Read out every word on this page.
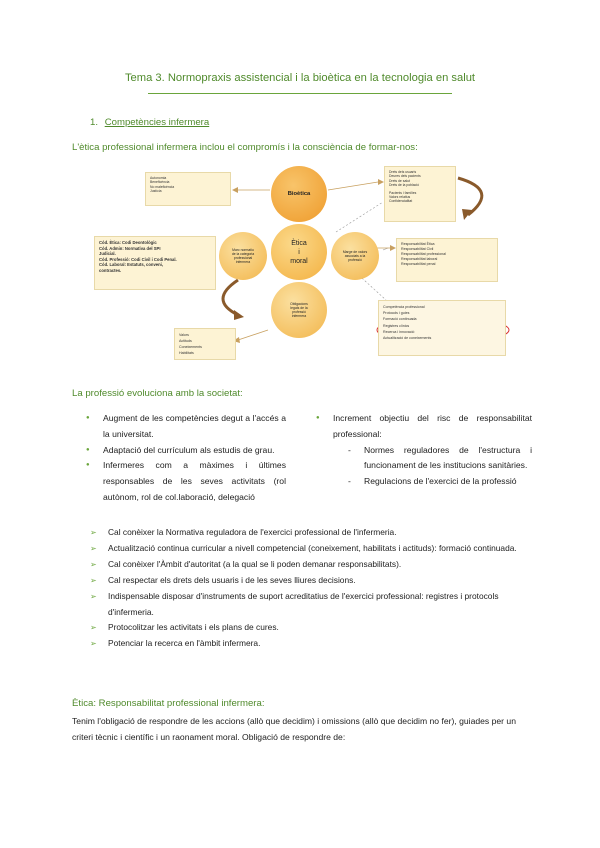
Tema 3. Normopraxis assistencial i la bioètica en la tecnologia en salut
1. Competències infermera
L'ètica professional infermera inclou el compromís i la consciència de formar-nos:
Bioètica
Ètica
i
moral
Marc normatiu
de la categoria
professional
infermera
Marge de valors
associats a la
professió
Obligacions
legals de la
professió
infermera
Autonomia
Beneficència
No maleficència
Justícia
Drets dels usuaris
Deures dels pacients
Drets de salut
Drets de la població
Pacients i famílies
Valors relatius
Confidencialitat
Cód. Ètica: Codi Deontològic
Cód. Admin: Normativa del SPI
Judicial.
Cód. Professió: Codi Civil i Codi Penal.
Cód. Laboral: Estatuts, conveni,
contractes.
Responsabilitat Ètica
Responsabilitat Civil
Responsabilitat professional
Responsabilitat laboral
Responsabilitat penal
Competència professional
Protocols i guies
Formació continuada
Registres clínics
Recerca i innovació
Actualització de coneixements
Valors
Actituds
Coneixements
Habilitats
La professió evoluciona amb la societat:
● Augment de les competències degut a l'accés a la universitat.
● Adaptació del currículum als estudis de grau.
● Infermeres com a màximes i últimes responsables de les seves activitats (rol autònom, rol de col.laboració, delegació
● Increment objectiu del risc de responsabilitat professional:
- Normes reguladores de l'estructura i funcionament de les institucions sanitàries.
- Regulacions de l'exercici de la professió
➢ Cal conèixer la Normativa reguladora de l'exercici professional de l'infermeria.
➢ Actualització continua curricular a nivell competencial (coneixement, habilitats i actituds): formació continuada.
➢ Cal conèixer l'Àmbit d'autoritat (a la qual se li poden demanar responsabilitats).
➢ Cal respectar els drets dels usuaris i de les seves lliures decisions.
➢ Indispensable disposar d'instruments de suport acreditatius de l'exercici professional: registres i protocols d'infermeria.
➢ Protocolitzar les activitats i els plans de cures.
➢ Potenciar la recerca en l'àmbit infermera.
Ètica: Responsabilitat professional infermera:
Tenim l'obligació de respondre de les accions (allò que decidim) i omissions (allò que decidim no fer), guiades per un criteri tècnic i científic i un raonament moral. Obligació de respondre de:
